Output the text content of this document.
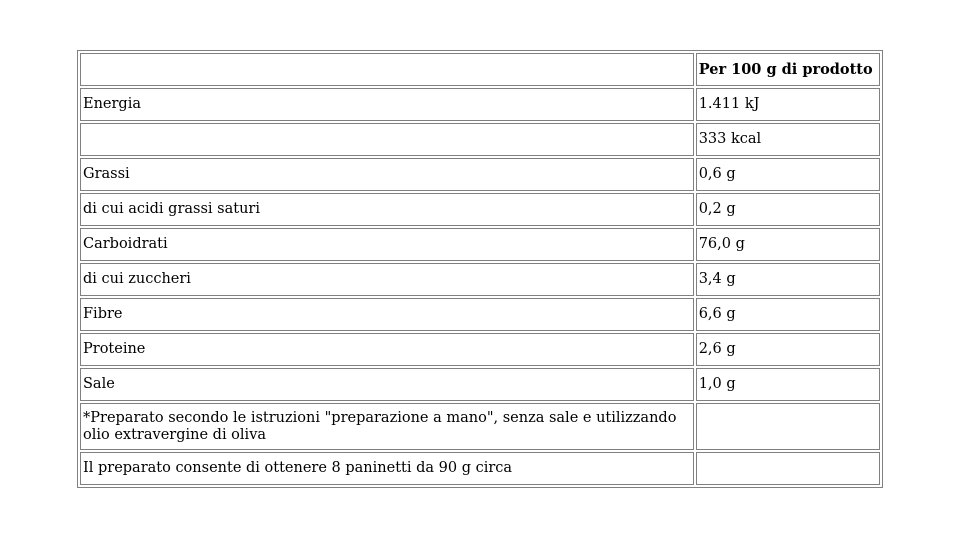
	Per 100 g di prodotto
Energia	1.411 kJ
	333 kcal
Grassi	0,6 g
di cui acidi grassi saturi	0,2 g
Carboidrati	76,0 g
di cui zuccheri	3,4 g
Fibre	6,6 g
Proteine	2,6 g
Sale	1,0 g
*Preparato secondo le istruzioni "preparazione a mano", senza sale e utilizzando olio extravergine di oliva	
Il preparato consente di ottenere 8 paninetti da 90 g circa	
